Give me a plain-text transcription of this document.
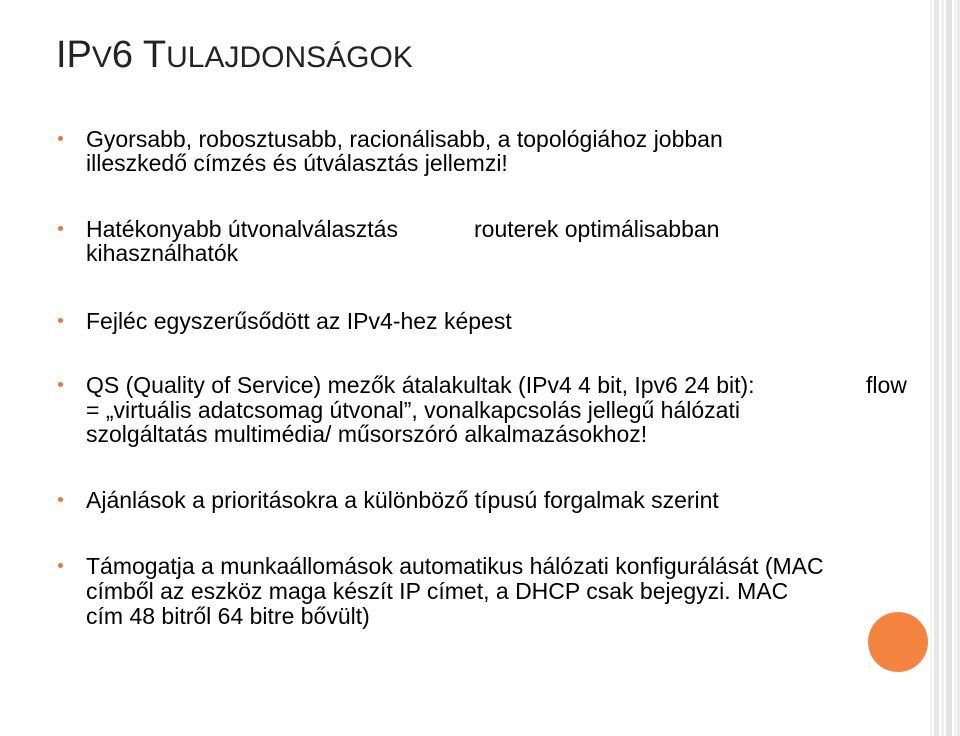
IPV6 TULAJDONSÁGOK

Gyorsabb, robosztusabb, racionálisabb, a topológiához jobban

illeszkedő címzés és útválasztás jellemzi!

Hatékonyabb útvonalválasztás	routerek optimálisabban

kihasználhatók

Fejléc egyszerűsődött az IPv4-hez képest

QS (Quality of Service) mezők átalakultak (IPv4 4 bit, Ipv6 24 bit):	flow

= „virtuális adatcsomag útvonal”, vonalkapcsolás jellegű hálózati

szolgáltatás multimédia/ műsorszóró alkalmazásokhoz!

Ajánlások a prioritásokra a különböző típusú forgalmak szerint

Támogatja a munkaállomások automatikus hálózati konfigurálását (MAC

címből az eszköz maga készít IP címet, a DHCP csak bejegyzi. MAC

cím 48 bitről 64 bitre bővült)
